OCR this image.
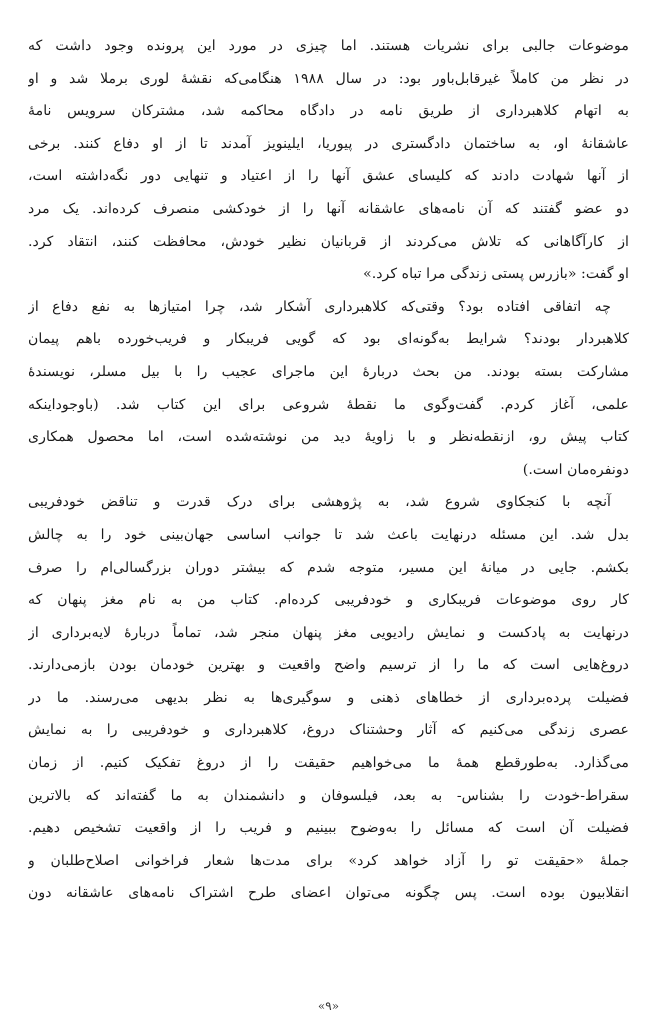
موضوعات جالبی برای نشریات هستند. اما چیزی در مورد این پرونده وجود داشت که
در نظر من کاملاً غیرقابل‌باور بود: در سال ۱۹۸۸ هنگامی‌که نقشهٔ لوری برملا شد و او
به اتهام کلاهبرداری از طریق نامه در دادگاه محاکمه شد، مشترکان سرویس نامهٔ
عاشقانهٔ او، به ساختمان دادگستری در پیوریا، ایلینویز آمدند تا از او دفاع کنند. برخی
از آنها شهادت دادند که کلیسای عشق آنها را از اعتیاد و تنهایی دور نگه‌داشته است،
دو عضو گفتند که آن نامه‌های عاشقانه آنها را از خودکشی منصرف کرده‌اند. یک مرد
از کارآگاهانی که تلاش می‌کردند از قربانیان نظیر خودش، محافظت کنند، انتقاد کرد.
او گفت: «بازرس پستی زندگی مرا تباه کرد.»
چه اتفاقی افتاده بود؟ وقتی‌که کلاهبرداری آشکار شد، چرا امتیازها به نفع دفاع از
کلاهبردار بودند؟ شرایط به‌گونه‌ای بود که گویی فریبکار و فریب‌خورده باهم پیمان
مشارکت بسته بودند. من بحث دربارهٔ این ماجرای عجیب را با بیل مسلر، نویسندهٔ
علمی، آغاز کردم. گفت‌وگوی ما نقطهٔ شروعی برای این کتاب شد. (باوجوداینکه
کتاب پیش رو، ازنقطه‌نظر و با زاویهٔ دید من نوشته‌شده است، اما محصول همکاری
دونفره‌مان است.)
آنچه با کنجکاوی شروع شد، به پژوهشی برای درک قدرت و تناقض خودفریبی
بدل شد. این مسئله درنهایت باعث شد تا جوانب اساسی جهان‌بینی خود را به چالش
بکشم. جایی در میانهٔ این مسیر، متوجه شدم که بیشتر دوران بزرگسالی‌ام را صرف
کار روی موضوعات فریبکاری و خودفریبی کرده‌ام. کتاب من به نام مغز پنهان که
درنهایت به پادکست و نمایش رادیویی مغز پنهان منجر شد، تماماً دربارهٔ لایه‌برداری از
دروغ‌هایی است که ما را از ترسیم واضح واقعیت و بهترین خودمان بودن بازمی‌دارند.
فضیلت پرده‌برداری از خطاهای ذهنی و سوگیری‌ها به نظر بدیهی می‌رسند. ما در
عصری زندگی می‌کنیم که آثار وحشتناک دروغ، کلاهبرداری و خودفریبی را به نمایش
می‌گذارد. به‌طورقطع همهٔ ما می‌خواهیم حقیقت را از دروغ تفکیک کنیم. از زمان
سقراط-خودت را بشناس- به بعد، فیلسوفان و دانشمندان به ما گفته‌اند که بالاترین
فضیلت آن است که مسائل را به‌وضوح ببینیم و فریب را از واقعیت تشخیص دهیم.
جملهٔ «حقیقت تو را آزاد خواهد کرد» برای مدت‌ها شعار فراخوانی اصلاح‌طلبان و
انقلابیون بوده است. پس چگونه می‌توان اعضای طرح اشتراک نامه‌های عاشقانه دون
«۹»
